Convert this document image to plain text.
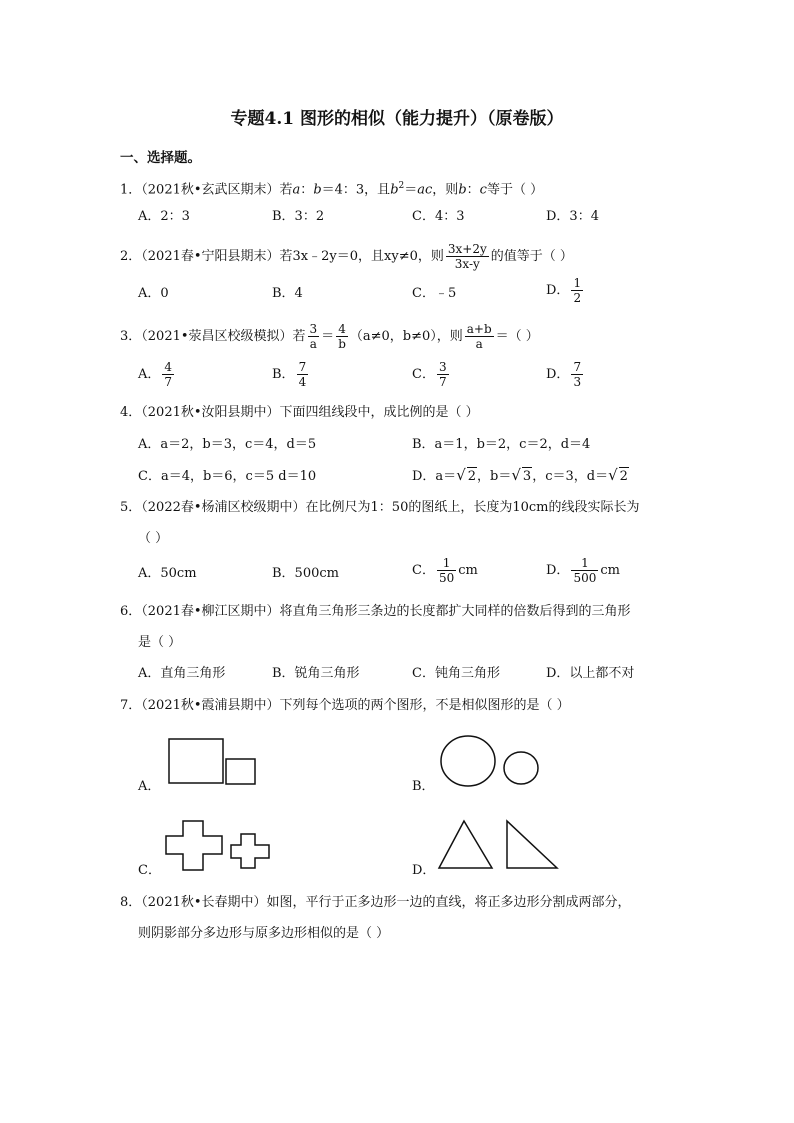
专题4.1 图形的相似（能力提升）（原卷版）
一、选择题。
1．（2021秋•玄武区期末）若a：b＝4：3，且$b^2=ac$，则b：c等于（ ）
A．2：3	B．3：2	C．4：3	D．3：4
2．（2021春•宁阳县期末）若3x﹣2y＝0，且xy≠0，则 $\frac{3x+2y}{3x-y}$ 的值等于（ ）
A．0	B．4	C．﹣5	D． $\frac{1}{2}$
3．（2021•荥昌区校级模拟）若 $\frac{3}{a} = \frac{4}{b} (a\ne 0$，b≠0），则 $\frac{a+b}{a}$ ＝（ ）
A． $\frac{4}{7}$	B． $\frac{7}{4}$	C． $\frac{3}{7}$	D． $\frac{7}{3}$
4．（2021秋•汝阳县期中）下面四组线段中，成比例的是（ ）
A．a＝2，b＝3，c＝4，d＝5	B．a＝1，b＝2，c＝2，d＝4
C．a＝4，b＝6，c＝5 d＝10	D．a＝√ 2，b＝√ 3，c＝3，d＝√ 2
5．（2022春•杨浦区校级期中）在比例尺为1：50的图纸上，长度为10cm的线段实际长为
（ ）
A．50cm	B．500cm	C． $\frac{1}{50}$ cm	D． $\frac{1}{500}$ cm
6．（2021春•柳江区期中）将直角三角形三条边的长度都扩大同样的倍数后得到的三角形
是（ ）
A．直角三角形	B．锐角三角形	C．钝角三角形	D．以上都不对
7．（2021秋•霞浦县期中）下列每个选项的两个图形，不是相似图形的是（ ）
A．	B．
C．	D．
8．（2021秋•长春期中）如图，平行于正多边形一边的直线，将正多边形分割成两部分，
则阴影部分多边形与原多边形相似的是（ ）
